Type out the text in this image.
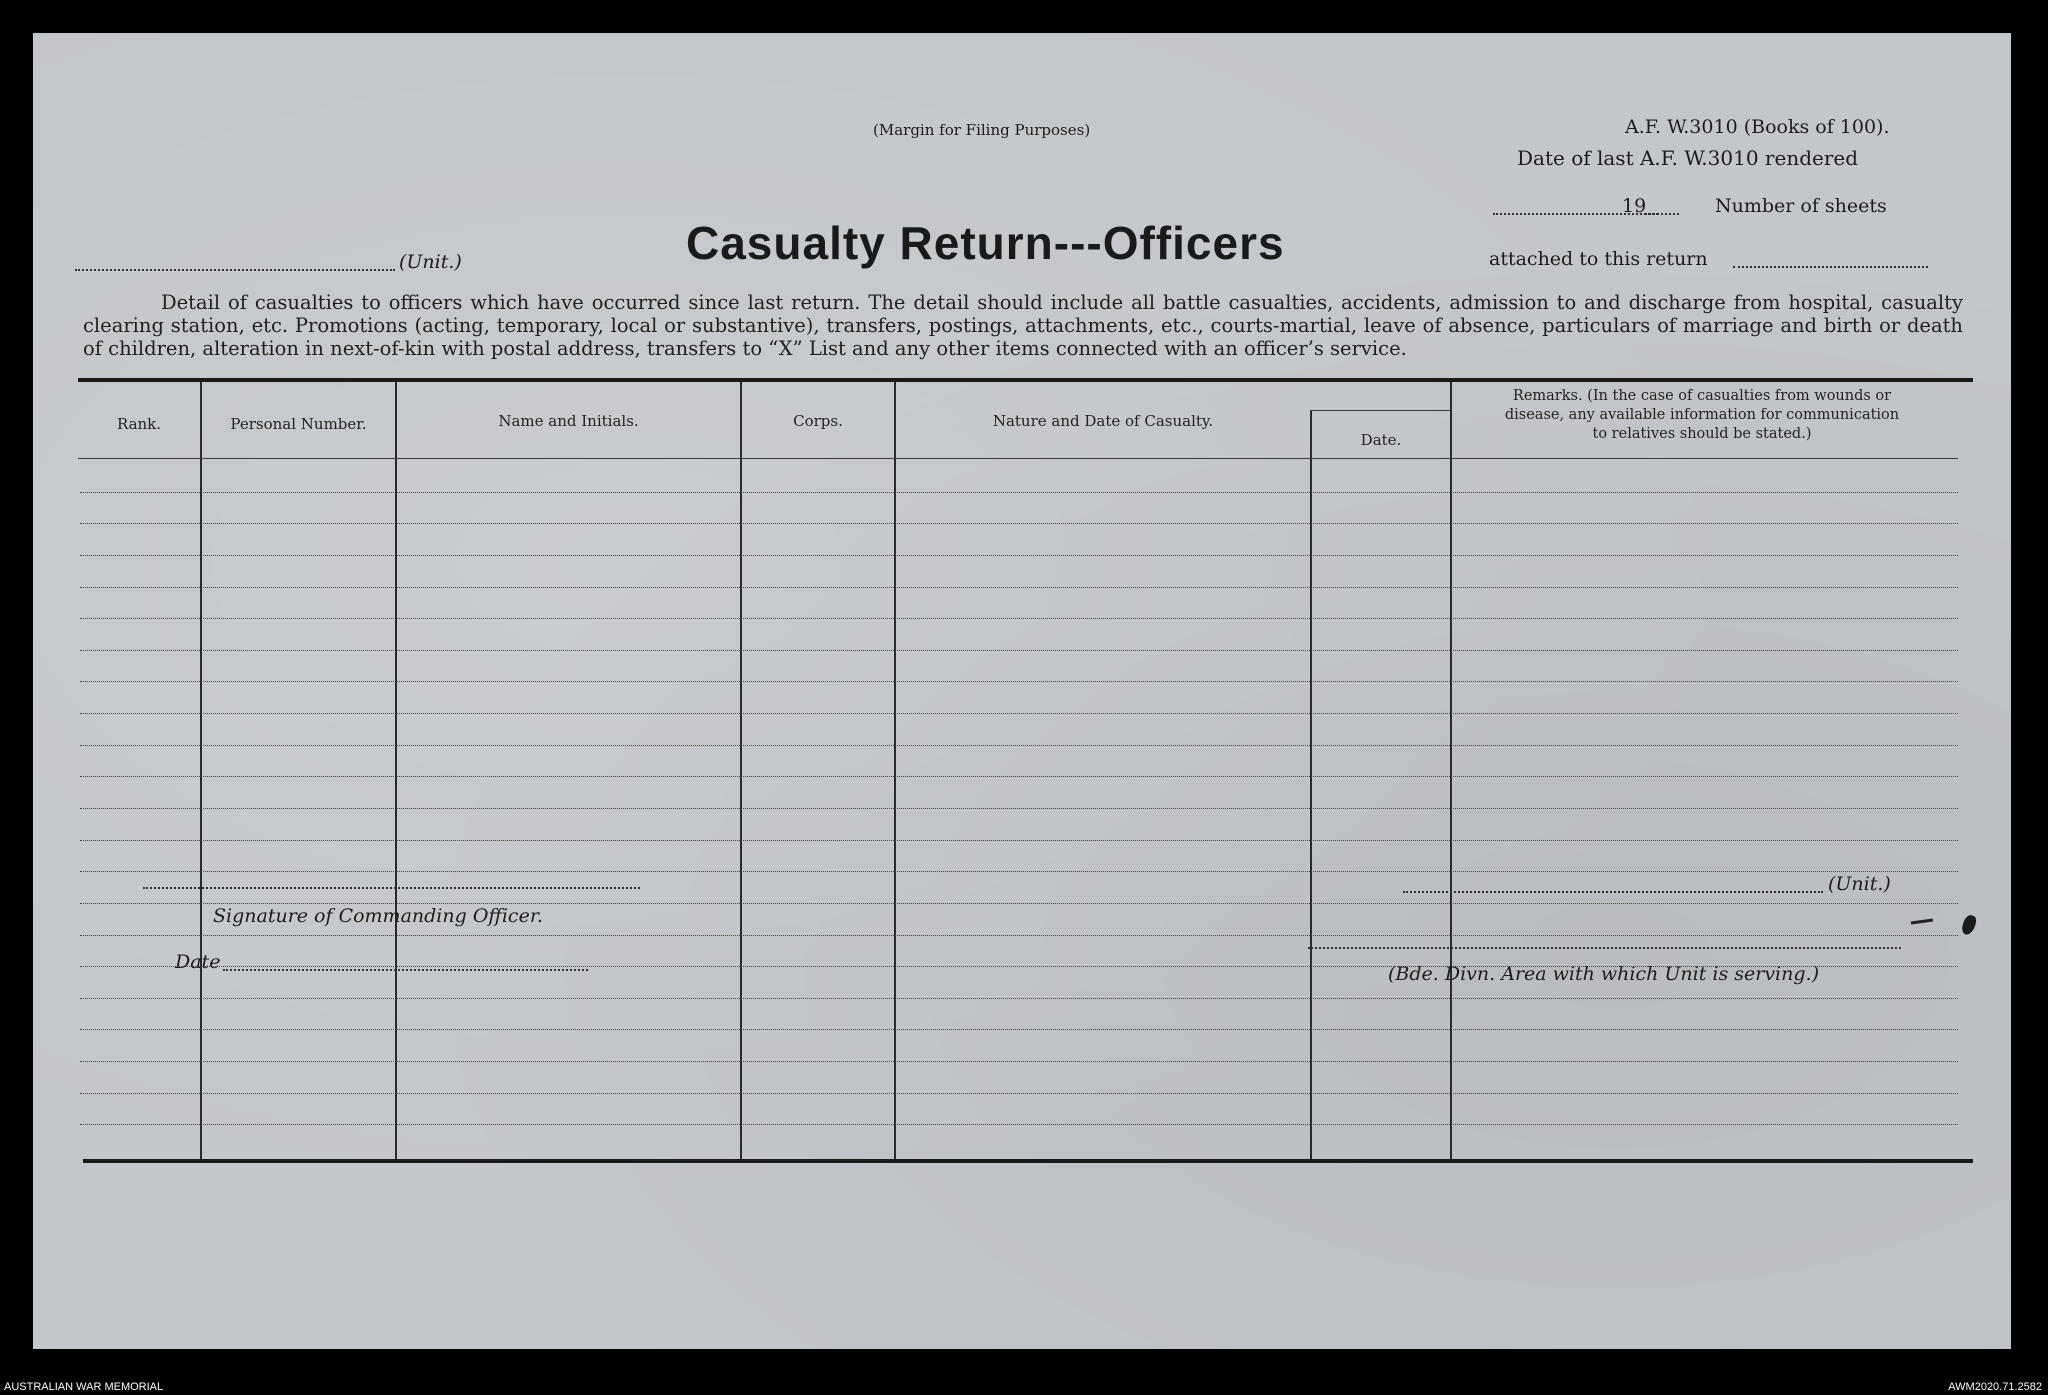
(Margin for Filing Purposes)	A.F. W.3010 (Books of 100).
Date of last A.F. W.3010 rendered
19	Number of sheets
attached to this return
(Unit.)	Casualty Return---Officers

Detail of casualties to officers which have occurred since last return. The detail should include all battle casualties, accidents, admission to and discharge from hospital, casualty clearing station, etc. Promotions (acting, temporary, local or substantive), transfers, postings, attachments, etc., courts-martial, leave of absence, particulars of marriage and birth or death of children, alteration in next-of-kin with postal address, transfers to “X” List and any other items connected with an officer’s service.

Rank.	Personal Number.	Name and Initials.	Corps.	Nature and Date of Casualty.
Date.
Remarks. (In the case of casualties from wounds or
disease, any available information for communication
to relatives should be stated.)
Signature of Commanding Officer.
Date
(Unit.)
(Bde. Divn. Area with which Unit is serving.)
AUSTRALIAN WAR MEMORIAL	AWM2020.71.2582
